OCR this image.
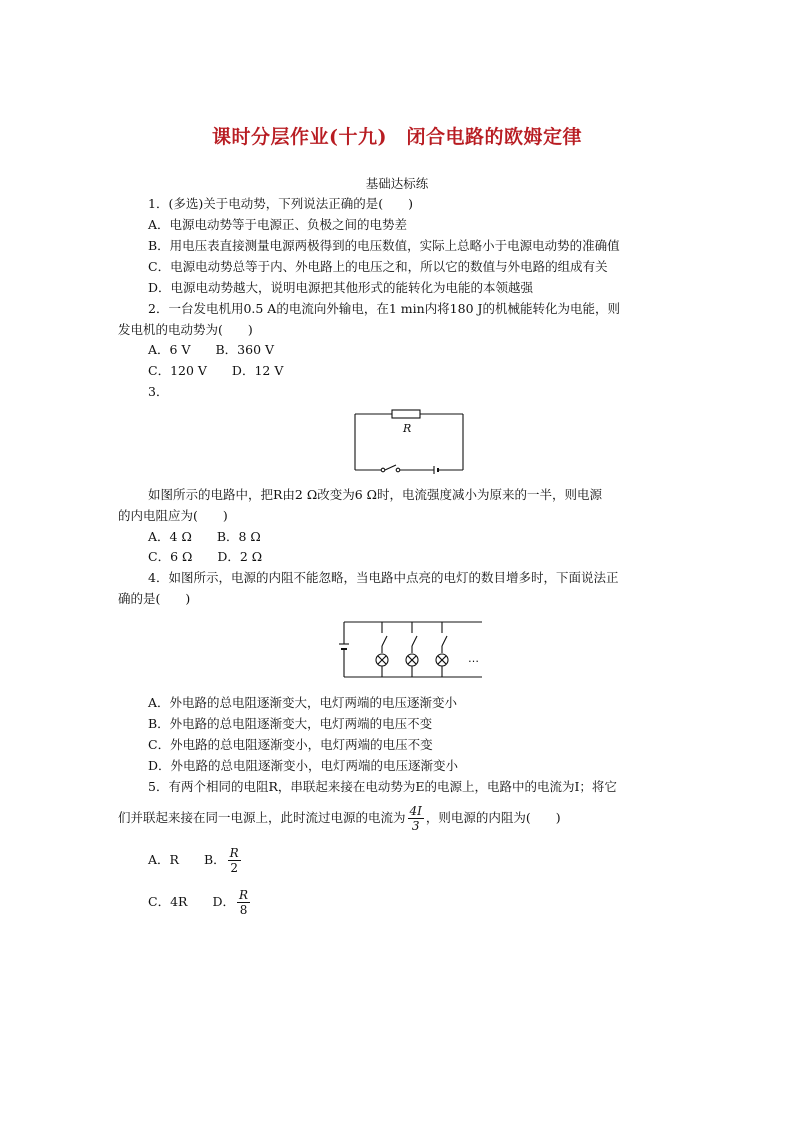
课时分层作业(十九)　闭合电路的欧姆定律
基础达标练
1．(多选)关于电动势，下列说法正确的是(　　)
A．电源电动势等于电源正、负极之间的电势差
B．用电压表直接测量电源两极得到的电压数值，实际上总略小于电源电动势的准确值
C．电源电动势总等于内、外电路上的电压之和，所以它的数值与外电路的组成有关
D．电源电动势越大，说明电源把其他形式的能转化为电能的本领越强
2．一台发电机用0.5 A的电流向外输电，在1 min内将180 J的机械能转化为电能，则
发电机的电动势为(　　)
A．6 V　　B．360 V
C．120 V　　D．12 V
3．
R
如图所示的电路中，把R由2 Ω改变为6 Ω时，电流强度减小为原来的一半，则电源
的内电阻应为(　　)
A．4 Ω　　B．8 Ω
C．6 Ω　　D．2 Ω
4．如图所示，电源的内阻不能忽略，当电路中点亮的电灯的数目增多时，下面说法正
确的是(　　)
…
A．外电路的总电阻逐渐变大，电灯两端的电压逐渐变小
B．外电路的总电阻逐渐变大，电灯两端的电压不变
C．外电路的总电阻逐渐变小，电灯两端的电压不变
D．外电路的总电阻逐渐变小，电灯两端的电压逐渐变小
5．有两个相同的电阻R，串联起来接在电动势为E的电源上，电路中的电流为I；将它
们并联起来接在同一电源上，此时流过电源的电流为 $\frac{4I}{3}$ ，则电源的内阻为(　　)
A．R　　 B． $\frac{R}{2}$
C．4R　　 D． $\frac{R}{8}$
